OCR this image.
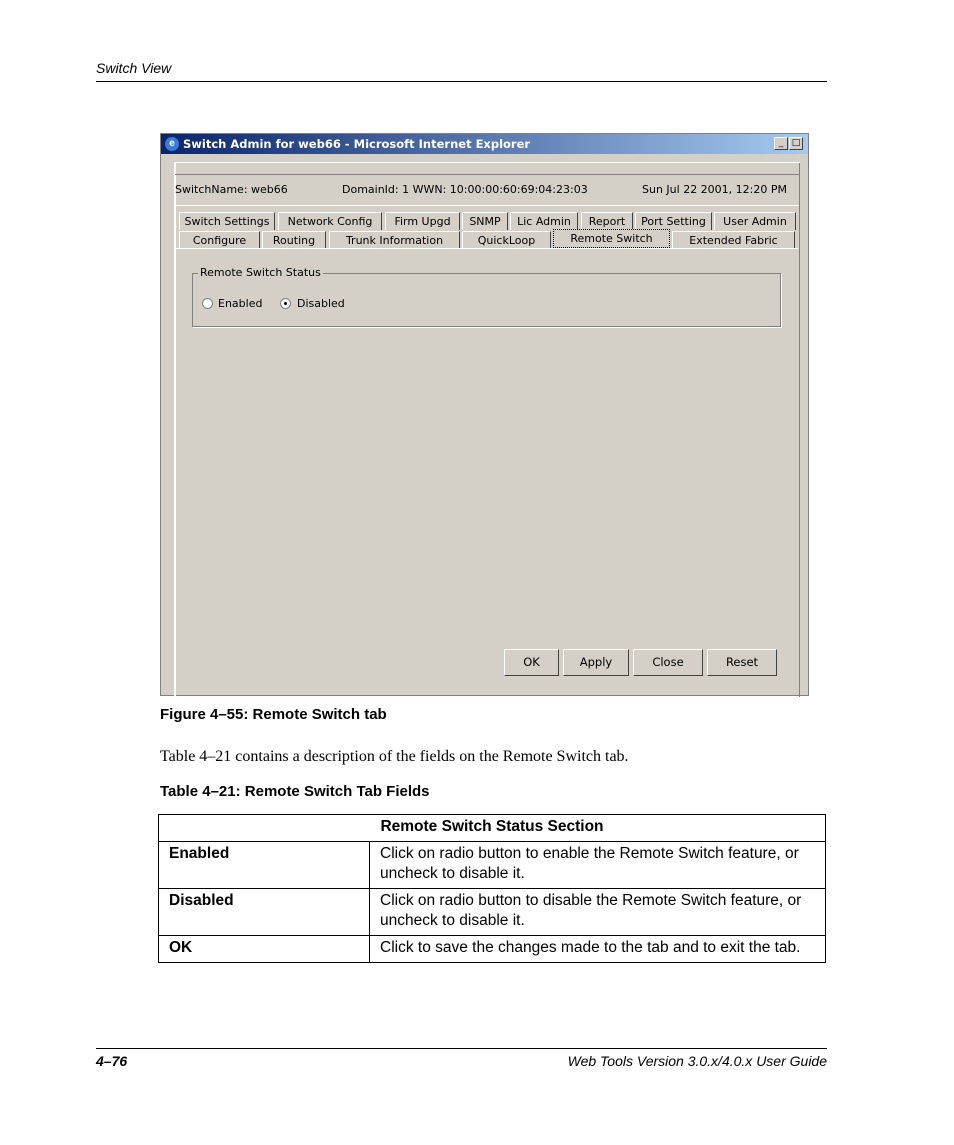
Switch View
e Switch Admin for web66 - Microsoft Internet Explorer	_ □
SwitchName: web66	DomainId: 1 WWN: 10:00:00:60:69:04:23:03	Sun Jul 22 2001, 12:20 PM
Switch Settings	Network Config	Firm Upgd	SNMP	Lic Admin	Report	Port Setting	User Admin
Configure	Routing	Trunk Information	QuickLoop	Remote Switch	Extended Fabric
Remote Switch Status
Enabled	Disabled
OK	Apply	Close	Reset
Figure 4–55: Remote Switch tab
Table 4–21 contains a description of the fields on the Remote Switch tab.
Table 4–21: Remote Switch Tab Fields
Remote Switch Status Section	
Enabled	Click on radio button to enable the Remote Switch feature, or uncheck to disable it.
Disabled	Click on radio button to disable the Remote Switch feature, or uncheck to disable it.
OK	Click to save the changes made to the tab and to exit the tab.
4–76	Web Tools Version 3.0.x/4.0.x User Guide
